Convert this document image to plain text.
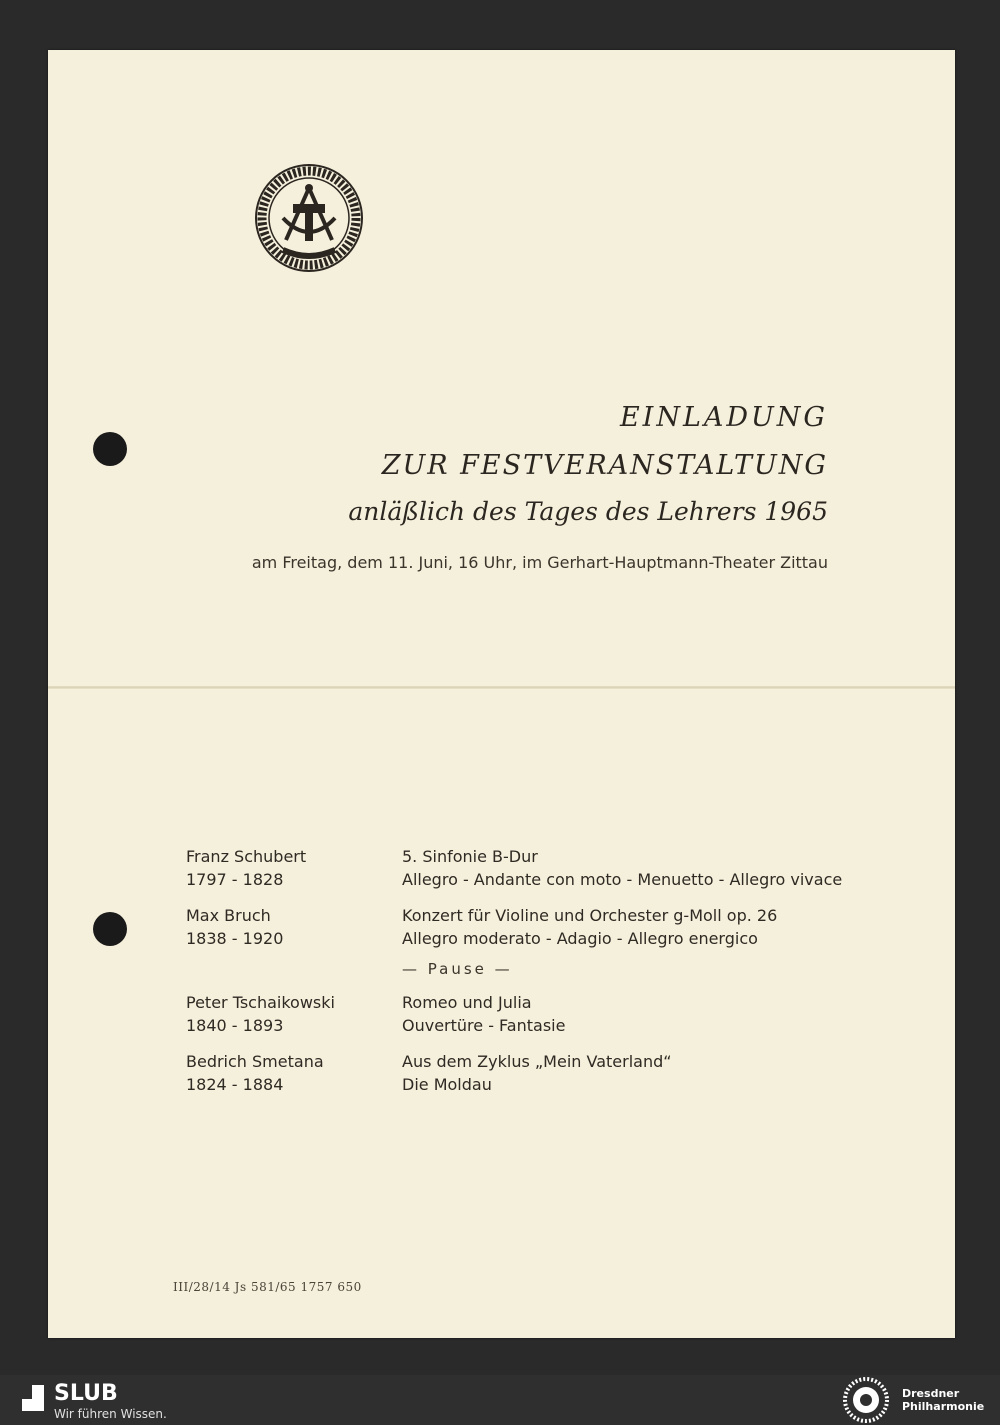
EINLADUNG
ZUR FESTVERANSTALTUNG
anläßlich des Tages des Lehrers 1965
am Freitag, dem 11. Juni, 16 Uhr, im Gerhart-Hauptmann-Theater Zittau
Franz Schubert
1797 - 1828
5. Sinfonie B-Dur
Allegro - Andante con moto - Menuetto - Allegro vivace
Max Bruch
1838 - 1920
Konzert für Violine und Orchester g-Moll op. 26
Allegro moderato - Adagio - Allegro energico
— Pause —
Peter Tschaikowski
1840 - 1893
Romeo und Julia
Ouvertüre - Fantasie
Bedrich Smetana
1824 - 1884
Aus dem Zyklus „Mein Vaterland“
Die Moldau
III/28/14 Js 581/65 1757 650
SLUB
Wir führen Wissen.
Dresdner
Philharmonie
